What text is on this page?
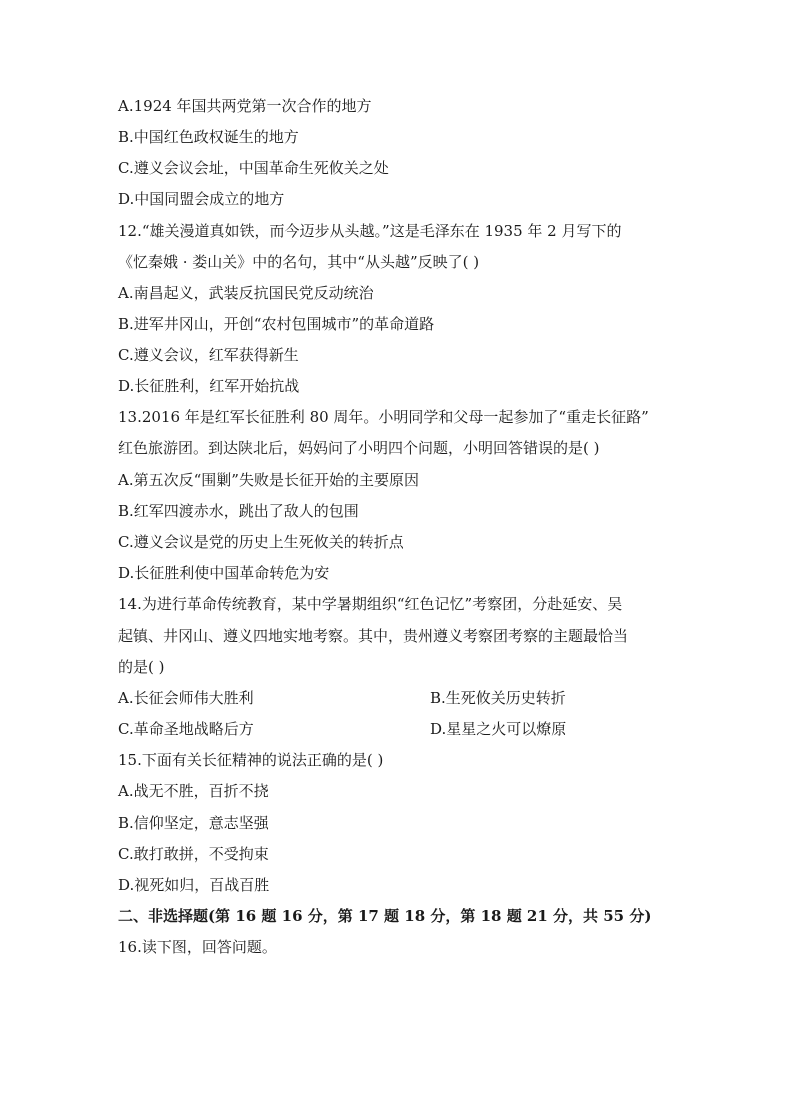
A.1924 年国共两党第一次合作的地方
B.中国红色政权诞生的地方
C.遵义会议会址，中国革命生死攸关之处
D.中国同盟会成立的地方
12.“雄关漫道真如铁，而今迈步从头越。”这是毛泽东在 1935 年 2 月写下的
《忆秦娥 · 娄山关》中的名句，其中“从头越”反映了( )
A.南昌起义，武装反抗国民党反动统治
B.进军井冈山，开创“农村包围城市”的革命道路
C.遵义会议，红军获得新生
D.长征胜利，红军开始抗战
13.2016 年是红军长征胜利 80 周年。小明同学和父母一起参加了“重走长征路”
红色旅游团。到达陕北后，妈妈问了小明四个问题，小明回答错误的是( )
A.第五次反“围剿”失败是长征开始的主要原因
B.红军四渡赤水，跳出了敌人的包围
C.遵义会议是党的历史上生死攸关的转折点
D.长征胜利使中国革命转危为安
14.为进行革命传统教育，某中学暑期组织“红色记忆”考察团，分赴延安、吴
起镇、井冈山、遵义四地实地考察。其中，贵州遵义考察团考察的主题最恰当
的是( )
A.长征会师伟大胜利	B.生死攸关历史转折
C.革命圣地战略后方	D.星星之火可以燎原
15.下面有关长征精神的说法正确的是( )
A.战无不胜，百折不挠
B.信仰坚定，意志坚强
C.敢打敢拼，不受拘束
D.视死如归，百战百胜
二、非选择题(第 16 题 16 分，第 17 题 18 分，第 18 题 21 分，共 55 分)
16.读下图，回答问题。
